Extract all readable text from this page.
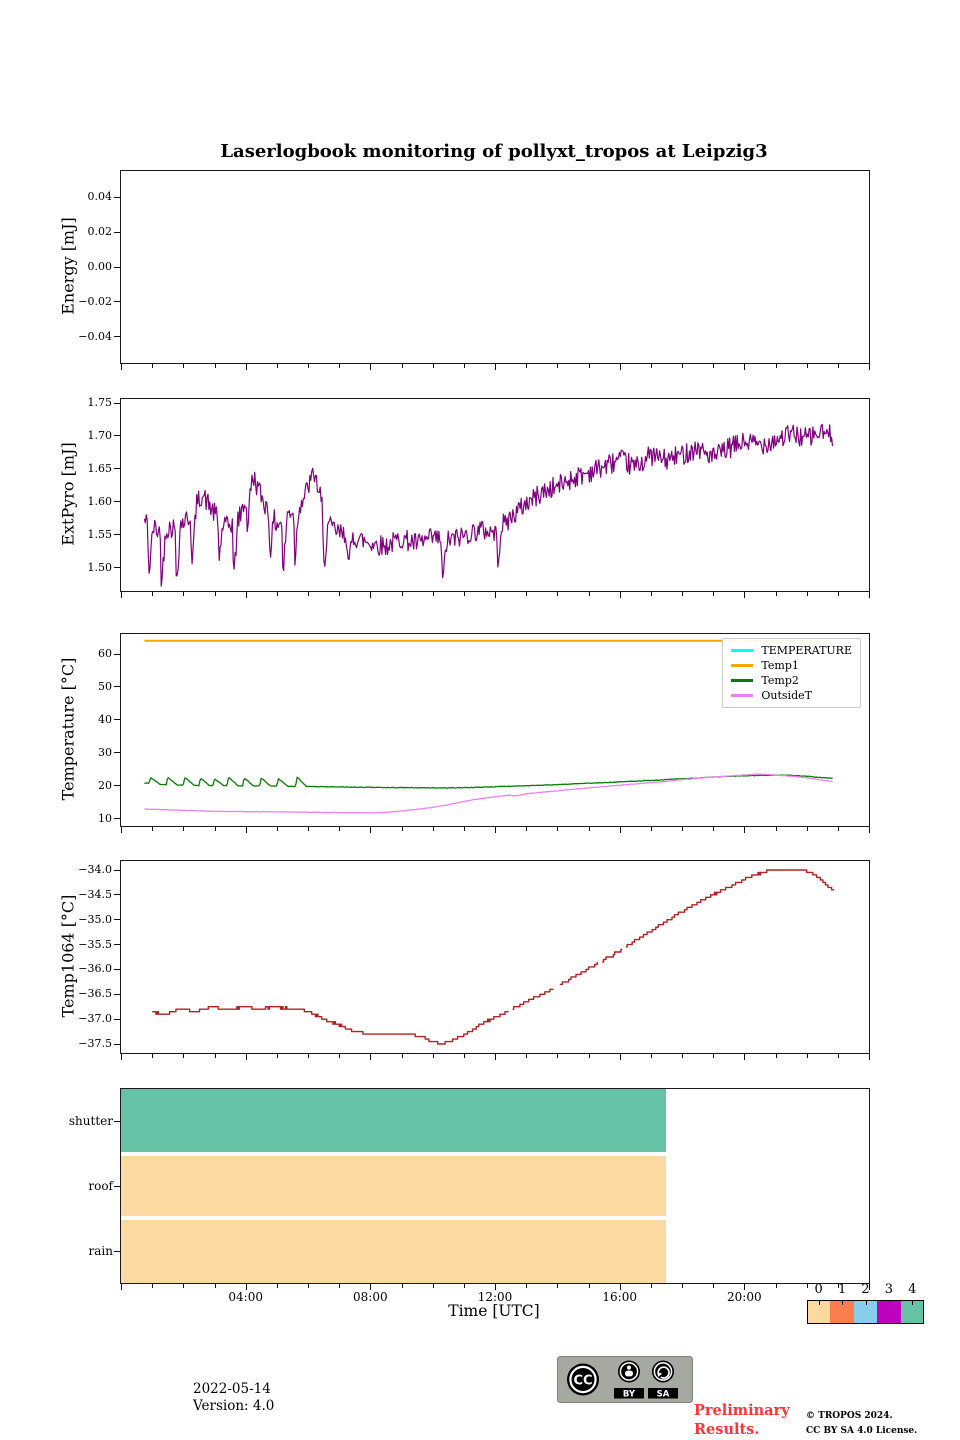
Laserlogbook monitoring of pollyxt_tropos at Leipzig3
Energy [mJ]
0.04
0.02
0.00
−0.02
−0.04
ExtPyro [mJ]
1.75
1.70
1.65
1.60
1.55
1.50
Temperature [°C]
60
50
40
30
20
10
TEMPERATURE
Temp1
Temp2
OutsideT
Temp1064 [°C]
−34.0
−34.5
−35.0
−35.5
−36.0
−36.5
−37.0
−37.5
shutter
roof
rain
04:00	08:00	12:00	16:00	20:00
Time [UTC]
0	1	2	3	4
2022-05-14
Version: 4.0
CC
BY	SA
Preliminary Results.
© TROPOS 2024.
CC BY SA 4.0 License.
